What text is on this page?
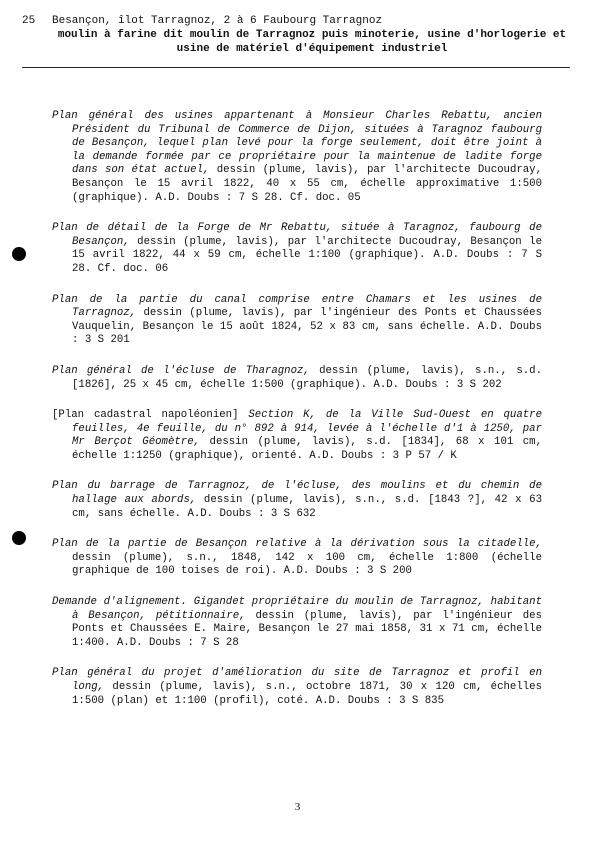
25 Besançon, îlot Tarragnoz, 2 à 6 Faubourg Tarragnoz
moulin à farine dit moulin de Tarragnoz puis minoterie, usine d'horlogerie et usine de matériel d'équipement industriel

Plan général des usines appartenant à Monsieur Charles Rebattu, ancien Président du Tribunal de Commerce de Dijon, situées à Taragnoz faubourg de Besançon, lequel plan levé pour la forge seulement, doit être joint à la demande formée par ce propriétaire pour la maintenue de ladite forge dans son état actuel, dessin (plume, lavis), par l'architecte Ducoudray, Besançon le 15 avril 1822, 40 x 55 cm, échelle approximative 1:500 (graphique). A.D. Doubs : 7 S 28. Cf. doc. 05

Plan de détail de la Forge de Mr Rebattu, située à Taragnoz, faubourg de Besançon, dessin (plume, lavis), par l'architecte Ducoudray, Besançon le 15 avril 1822, 44 x 59 cm, échelle 1:100 (graphique). A.D. Doubs : 7 S 28. Cf. doc. 06

Plan de la partie du canal comprise entre Chamars et les usines de Tarragnoz, dessin (plume, lavis), par l'ingénieur des Ponts et Chaussées Vauquelin, Besançon le 15 août 1824, 52 x 83 cm, sans échelle. A.D. Doubs : 3 S 201

Plan général de l'écluse de Tharagnoz, dessin (plume, lavis), s.n., s.d. [1826], 25 x 45 cm, échelle 1:500 (graphique). A.D. Doubs : 3 S 202

[Plan cadastral napoléonien] Section K, de la Ville Sud-Ouest en quatre feuilles, 4e feuille, du n° 892 à 914, levée à l'échelle d'1 à 1250, par Mr Berçot Géomètre, dessin (plume, lavis), s.d. [1834], 68 x 101 cm, échelle 1:1250 (graphique), orienté. A.D. Doubs : 3 P 57 / K

Plan du barrage de Tarragnoz, de l'écluse, des moulins et du chemin de hallage aux abords, dessin (plume, lavis), s.n., s.d. [1843 ?], 42 x 63 cm, sans échelle. A.D. Doubs : 3 S 632

Plan de la partie de Besançon relative à la dérivation sous la citadelle, dessin (plume), s.n., 1848, 142 x 100 cm, échelle 1:800 (échelle graphique de 100 toises de roi). A.D. Doubs : 3 S 200

Demande d'alignement. Gigandet propriétaire du moulin de Tarragnoz, habitant à Besançon, pétitionnaire, dessin (plume, lavis), par l'ingénieur des Ponts et Chaussées E. Maire, Besançon le 27 mai 1858, 31 x 71 cm, échelle 1:400. A.D. Doubs : 7 S 28

Plan général du projet d'amélioration du site de Tarragnoz et profil en long, dessin (plume, lavis), s.n., octobre 1871, 30 x 120 cm, échelles 1:500 (plan) et 1:100 (profil), coté. A.D. Doubs : 3 S 835

3
